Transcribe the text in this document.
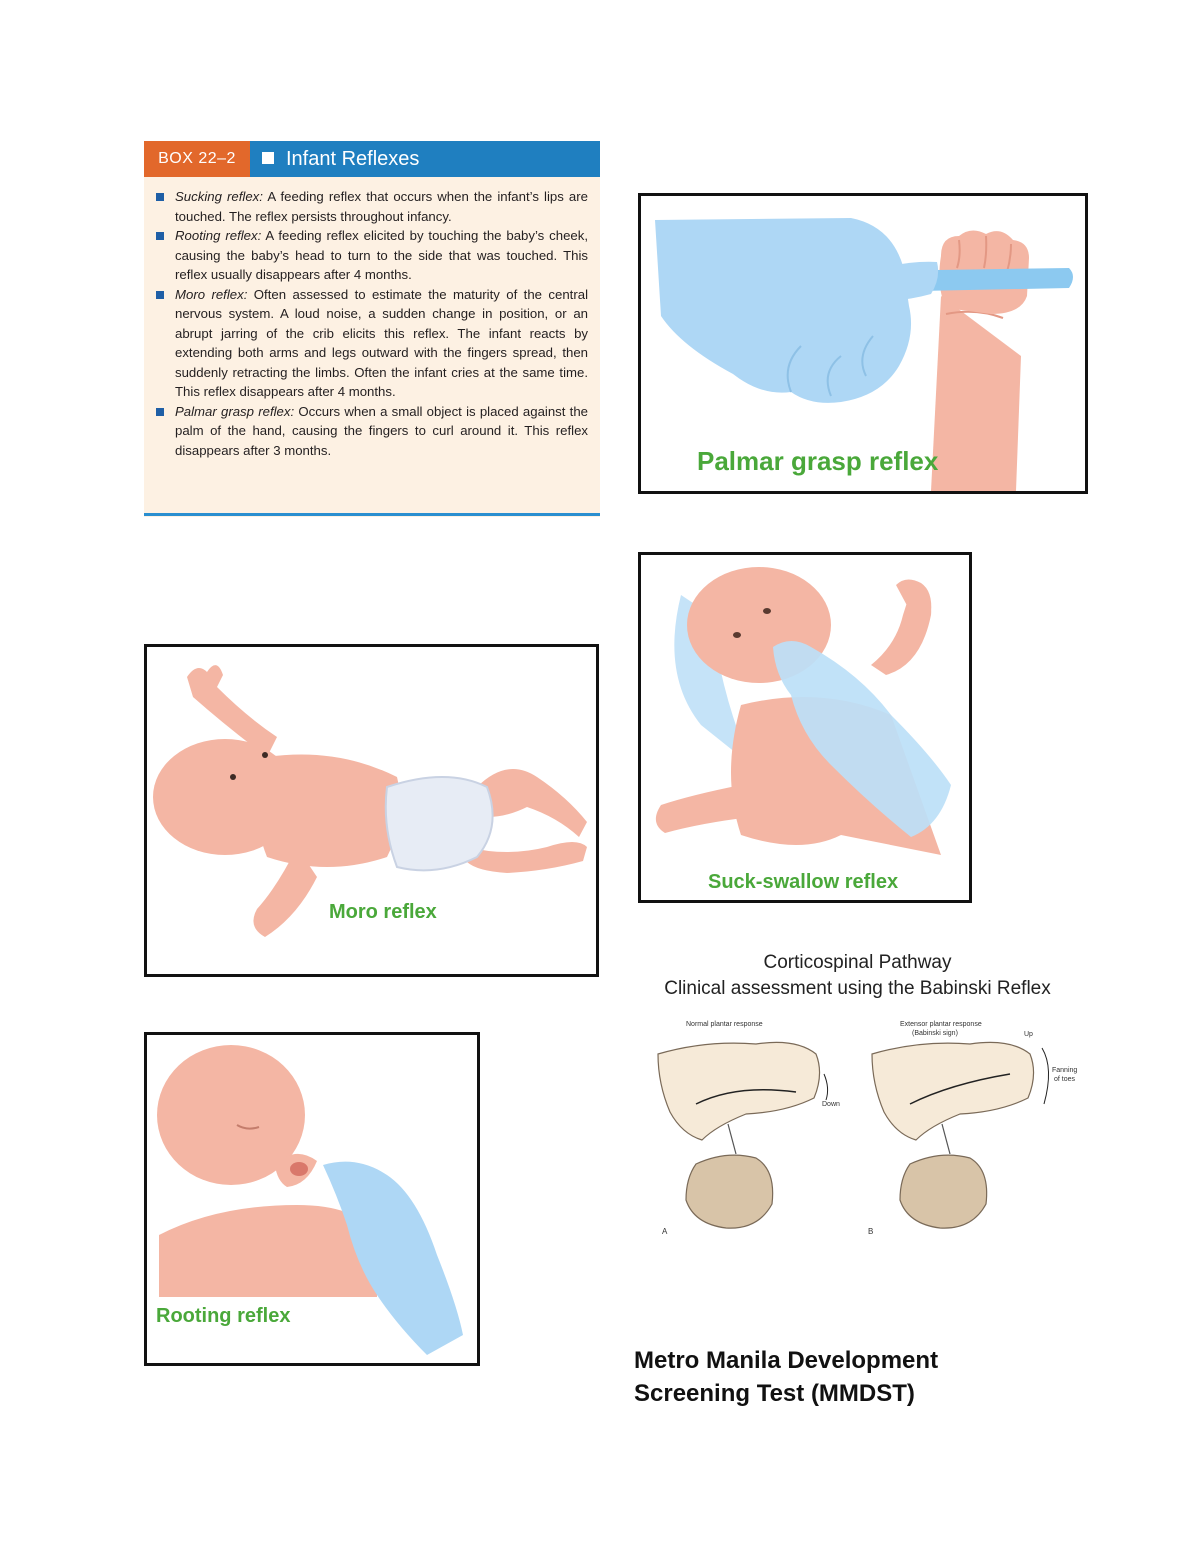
BOX 22–2	Infant Reflexes
Sucking reflex: A feeding reflex that occurs when the infant’s lips are touched. The reflex persists throughout infancy.
Rooting reflex: A feeding reflex elicited by touching the baby’s cheek, causing the baby’s head to turn to the side that was touched. This reflex usually disappears after 4 months.
Moro reflex: Often assessed to estimate the maturity of the central nervous system. A loud noise, a sudden change in position, or an abrupt jarring of the crib elicits this reflex. The infant reacts by extending both arms and legs outward with the fingers spread, then suddenly retracting the limbs. Often the infant cries at the same time. This reflex disappears after 4 months.
Palmar grasp reflex: Occurs when a small object is placed against the palm of the hand, causing the fingers to curl around it. This reflex disappears after 3 months.	Palmar grasp reflex
Suck-swallow reflex
Moro reflex
Rooting reflex
Corticospinal Pathway
Clinical assessment using the Babinski Reflex
Normal plantar response	Extensor plantar response
(Babinski sign)
Down
Up
Fanning
of toes
A	B
Metro Manila Development
Screening Test (MMDST)
